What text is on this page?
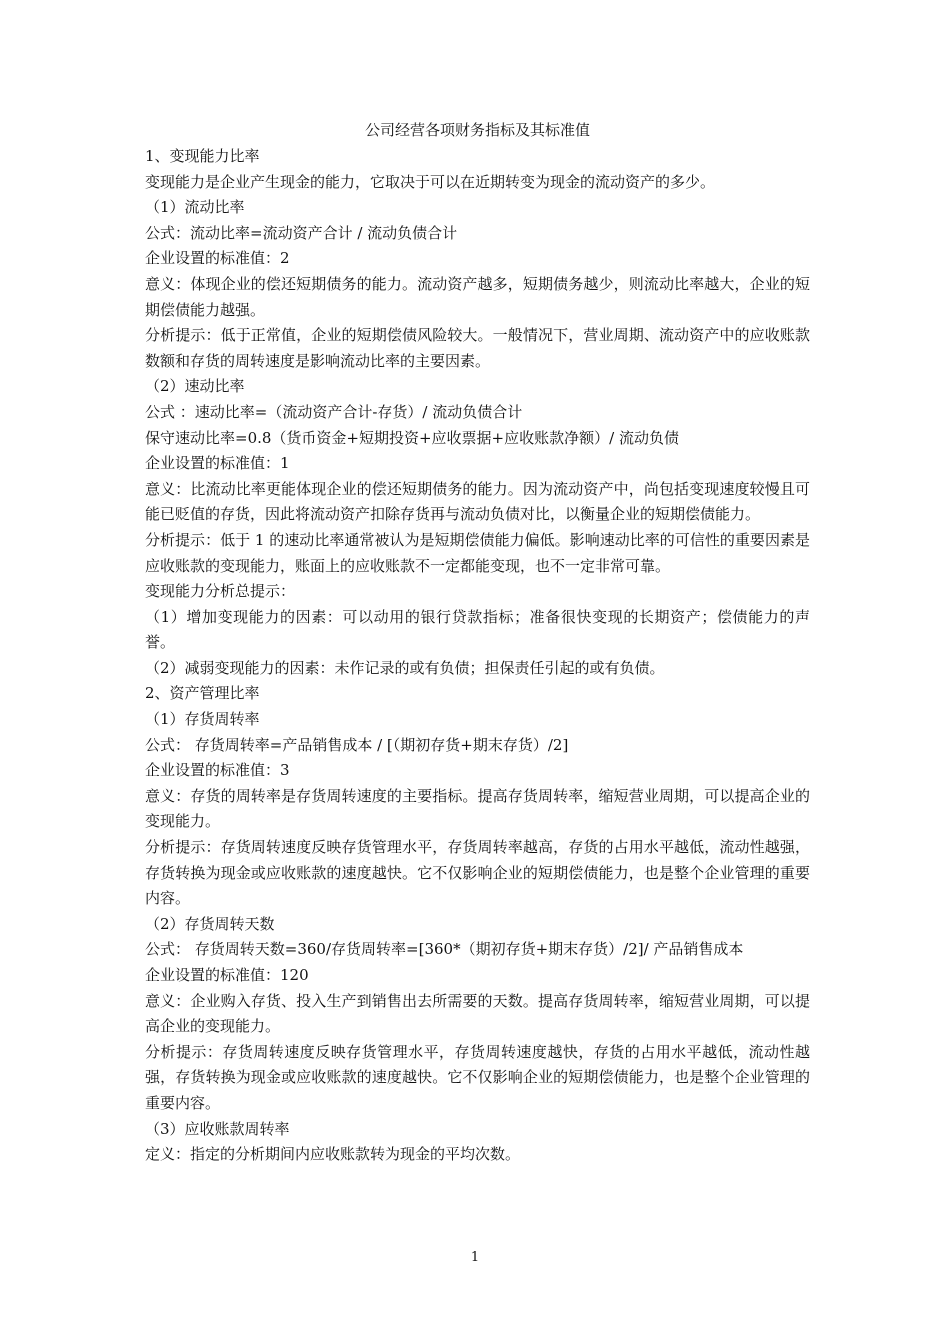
公司经营各项财务指标及其标准值

1、变现能力比率

变现能力是企业产生现金的能力，它取决于可以在近期转变为现金的流动资产的多少。

（1）流动比率

公式：流动比率=流动资产合计 / 流动负债合计

企业设置的标准值：2

意义：体现企业的偿还短期债务的能力。流动资产越多，短期债务越少，则流动比率越大，企业的短期偿债能力越强。

分析提示：低于正常值，企业的短期偿债风险较大。一般情况下，营业周期、流动资产中的应收账款数额和存货的周转速度是影响流动比率的主要因素。

（2）速动比率

公式 ：速动比率=（流动资产合计-存货）/ 流动负债合计

保守速动比率=0.8（货币资金+短期投资+应收票据+应收账款净额）/ 流动负债

企业设置的标准值：1

意义：比流动比率更能体现企业的偿还短期债务的能力。因为流动资产中，尚包括变现速度较慢且可能已贬值的存货，因此将流动资产扣除存货再与流动负债对比，以衡量企业的短期偿债能力。

分析提示：低于 1 的速动比率通常被认为是短期偿债能力偏低。影响速动比率的可信性的重要因素是应收账款的变现能力，账面上的应收账款不一定都能变现，也不一定非常可靠。

变现能力分析总提示：

（1）增加变现能力的因素：可以动用的银行贷款指标；准备很快变现的长期资产；偿债能力的声誉。

（2）减弱变现能力的因素：未作记录的或有负债；担保责任引起的或有负债。

2、资产管理比率

（1）存货周转率

公式： 存货周转率=产品销售成本 / [（期初存货+期末存货）/2]

企业设置的标准值：3

意义：存货的周转率是存货周转速度的主要指标。提高存货周转率，缩短营业周期，可以提高企业的变现能力。

分析提示：存货周转速度反映存货管理水平，存货周转率越高，存货的占用水平越低，流动性越强，存货转换为现金或应收账款的速度越快。它不仅影响企业的短期偿债能力，也是整个企业管理的重要内容。

（2）存货周转天数

公式： 存货周转天数=360/存货周转率=[360*（期初存货+期末存货）/2]/ 产品销售成本

企业设置的标准值：120

意义：企业购入存货、投入生产到销售出去所需要的天数。提高存货周转率，缩短营业周期，可以提高企业的变现能力。

分析提示：存货周转速度反映存货管理水平，存货周转速度越快，存货的占用水平越低，流动性越强，存货转换为现金或应收账款的速度越快。它不仅影响企业的短期偿债能力，也是整个企业管理的重要内容。

（3）应收账款周转率

定义：指定的分析期间内应收账款转为现金的平均次数。

1
